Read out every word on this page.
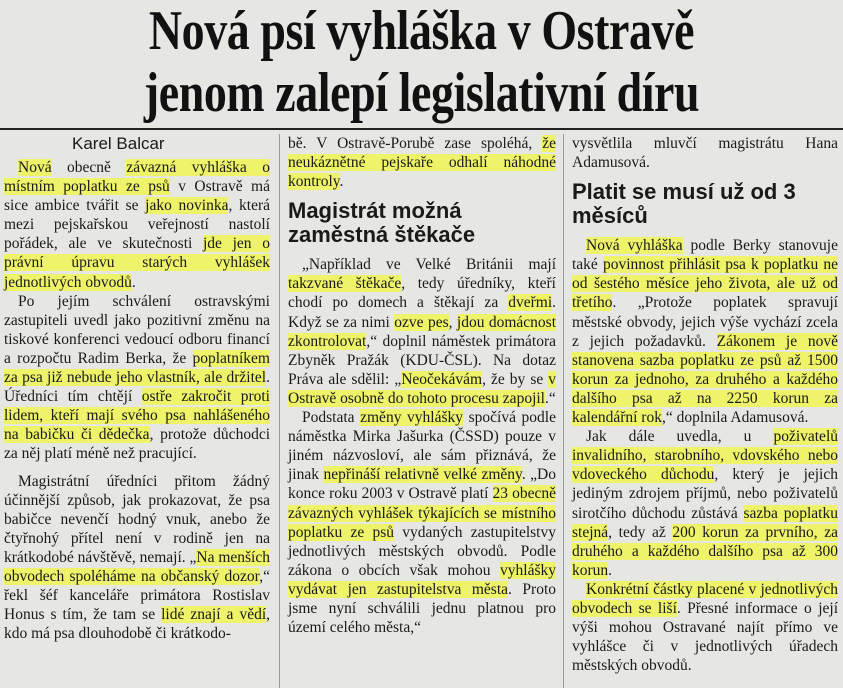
Nová psí vyhláška v Ostravě
jenom zalepí legislativní díru
Karel Balcar

Nová obecně závazná vyhláška o místním poplatku ze psů v Ostravě má sice ambice tvářit se jako novinka, která mezi pejskařskou veřejností nastolí pořádek, ale ve skutečnosti jde jen o právní úpravu starých vyhlášek jednotlivých obvodů.

Po jejím schválení ostravskými zastupiteli uvedl jako pozitivní změnu na tiskové konferenci vedoucí odboru financí a rozpočtu Radim Berka, že poplatníkem za psa již nebude jeho vlastník, ale držitel. Úředníci tím chtějí ostře zakročit proti lidem, kteří mají svého psa nahlášeného na babičku či dědečka, protože důchodci za něj platí méně než pracující.

Magistrátní úředníci přitom žádný účinnější způsob, jak prokazovat, že psa babičce nevenčí hodný vnuk, anebo že čtyřnohý přítel není v rodině jen na krátkodobé návštěvě, nemají. „Na menších obvodech spoléháme na občanský dozor,“ řekl šéf kanceláře primátora Rostislav Honus s tím, že tam se lidé znají a vědí, kdo má psa dlouhodobě či krátkodo-

bě. V Ostravě-Porubě zase spoléhá, že neukáznětné pejskaře odhalí náhodné kontroly.

Magistrát možná zaměstná štěkače

„Například ve Velké Británii mají takzvané štěkače, tedy úředníky, kteří chodí po domech a štěkají za dveřmi. Když se za nimi ozve pes, jdou domácnost zkontrolovat,“ doplnil náměstek primátora Zbyněk Pražák (KDU-ČSL). Na dotaz Práva ale sdělil: „Neočekávám, že by se v Ostravě osobně do tohoto procesu zapojil.“

Podstata změny vyhlášky spočívá podle náměstka Mirka Jašurka (ČSSD) pouze v jiném názvosloví, ale sám přiznává, že jinak nepřináší relativně velké změny. „Do konce roku 2003 v Ostravě platí 23 obecně závazných vyhlášek týkajících se místního poplatku ze psů vydaných zastupitelstvy jednotlivých městských obvodů. Podle zákona o obcích však mohou vyhlášky vydávat jen zastupitelstva města. Proto jsme nyní schválili jednu platnou pro území celého města,“

vysvětlila mluvčí magistrátu Hana Adamusová.

Platit se musí už od 3 měsíců

Nová vyhláška podle Berky stanovuje také povinnost přihlásit psa k poplatku ne od šestého měsíce jeho života, ale už od třetího. „Protože poplatek spravují městské obvody, jejich výše vychází zcela z jejich požadavků. Zákonem je nově stanovena sazba poplatku ze psů až 1500 korun za jednoho, za druhého a každého dalšího psa až na 2250 korun za kalendářní rok,“ doplnila Adamusová.

Jak dále uvedla, u poživatelů invalidního, starobního, vdovského nebo vdoveckého důchodu, který je jejich jediným zdrojem příjmů, nebo poživatelů sirotčího důchodu zůstává sazba poplatku stejná, tedy až 200 korun za prvního, za druhého a každého dalšího psa až 300 korun.

Konkrétní částky placené v jednotlivých obvodech se liší. Přesné informace o její výši mohou Ostravané najít přímo ve vyhlášce či v jednotlivých úřadech městských obvodů.
